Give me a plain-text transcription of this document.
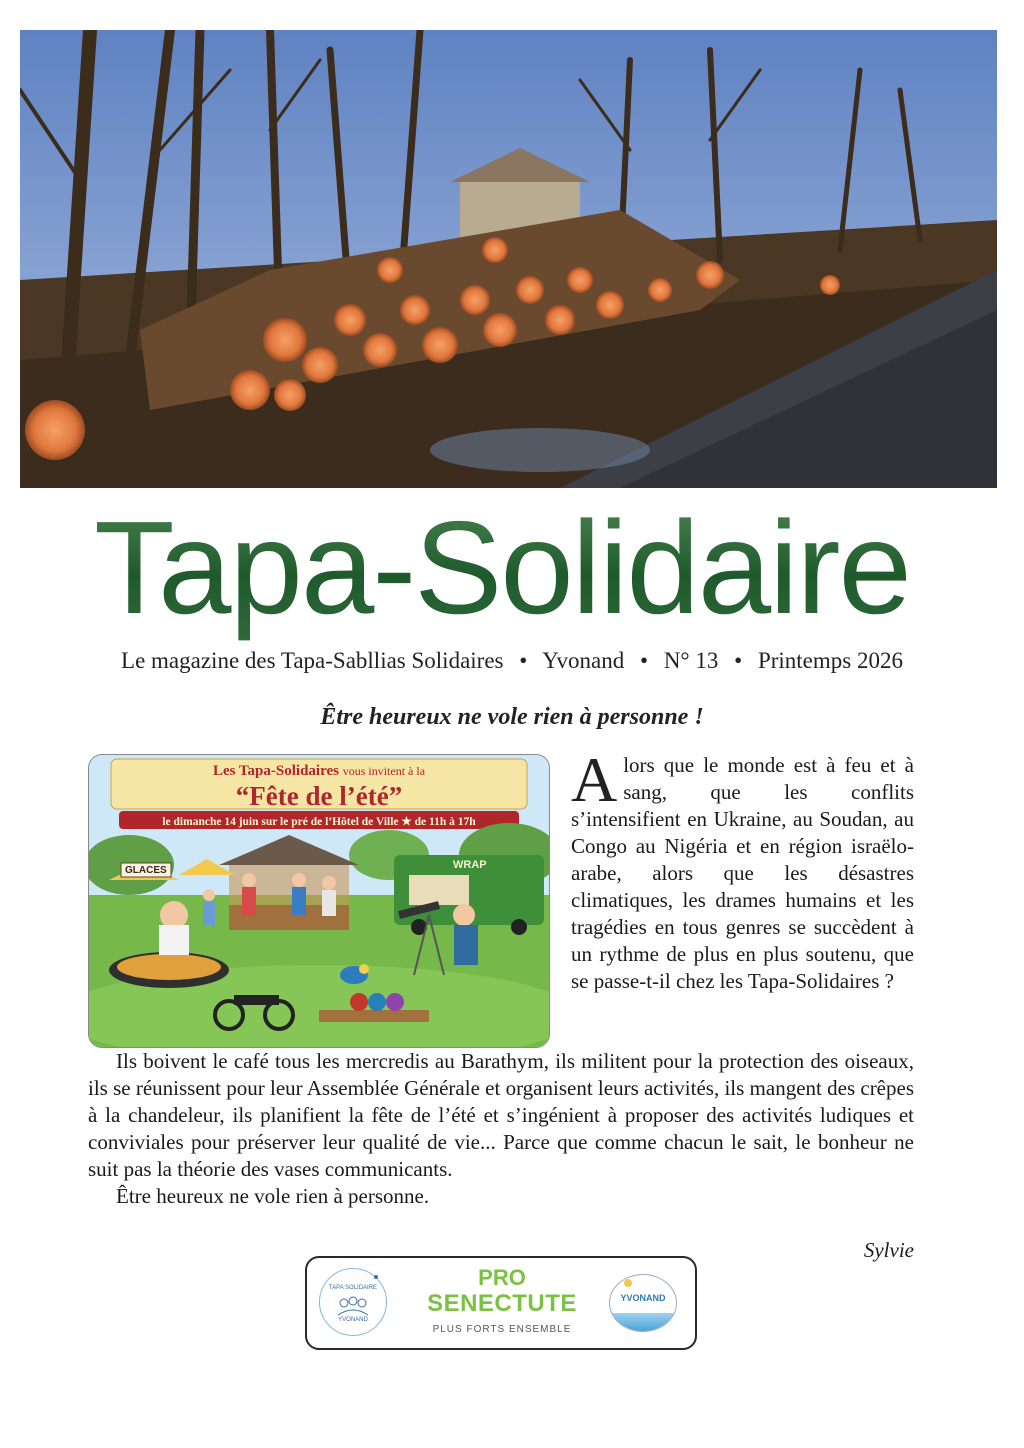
Tapa-Solidaire
Le magazine des Tapa-Sabllias Solidaires • Yvonand • N° 13 • Printemps 2026
Être heureux ne vole rien à personne !
Les Tapa-Solidaires vous invitent à la
“Fête de l’été”
le dimanche 14 juin sur le pré de l’Hôtel de Ville ★ de 11h à 17h
GLACES	WRAP
A lors que le monde est à feu et à sang, que les conflits s’intensifient en Ukraine, au Soudan, au Congo au Nigéria et en région israëlo-arabe, alors que les désastres climatiques, les drames humains et les tragédies en tous genres se succèdent à un rythme de plus en plus soutenu, que se passe-t-il chez les Tapa-Solidaires ?

Ils boivent le café tous les mercredis au Barathym, ils militent pour la protection des oiseaux, ils se réunissent pour leur Assemblée Générale et organisent leurs activités, ils mangent des crêpes à la chandeleur, ils planifient la fête de l’été et s’ingénient à proposer des activités ludiques et conviviales pour préserver leur qualité de vie... Parce que comme chacun le sait, le bonheur ne suit pas la théorie des vases communicants.

Être heureux ne vole rien à personne.

Sylvie
TAPA SOLIDAIRE
YVONAND
PRO
SENECTUTE
PLUS FORTS ENSEMBLE
YVONAND
